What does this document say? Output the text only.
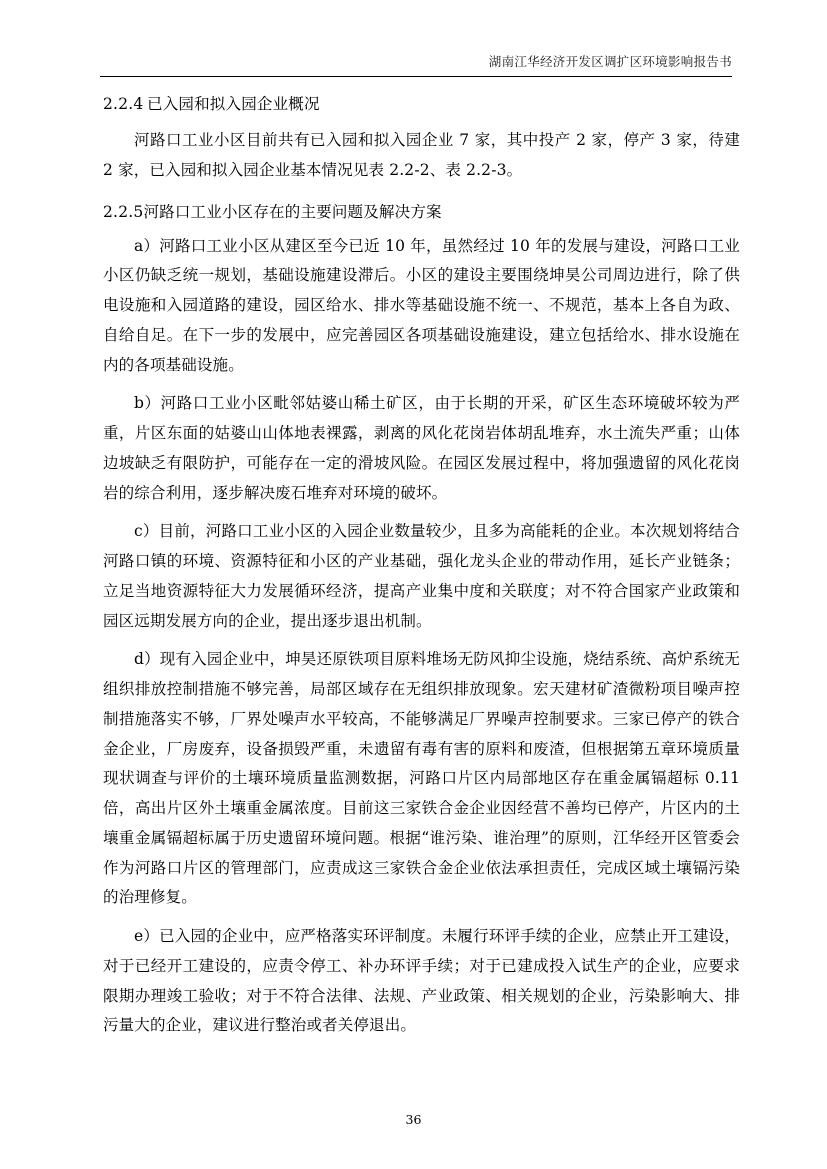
湖南江华经济开发区调扩区环境影响报告书
2.2.4 已入园和拟入园企业概况

河路口工业小区目前共有已入园和拟入园企业 7 家，其中投产 2 家，停产 3 家，待建 2 家，已入园和拟入园企业基本情况见表 2.2-2、表 2.2-3。

2.2.5河路口工业小区存在的主要问题及解决方案

a）河路口工业小区从建区至今已近 10 年，虽然经过 10 年的发展与建设，河路口工业小区仍缺乏统一规划，基础设施建设滞后。小区的建设主要围绕坤昊公司周边进行，除了供电设施和入园道路的建设，园区给水、排水等基础设施不统一、不规范，基本上各自为政、自给自足。在下一步的发展中，应完善园区各项基础设施建设，建立包括给水、排水设施在内的各项基础设施。

b）河路口工业小区毗邻姑婆山稀土矿区，由于长期的开采，矿区生态环境破坏较为严重，片区东面的姑婆山山体地表裸露，剥离的风化花岗岩体胡乱堆弃，水土流失严重；山体边坡缺乏有限防护，可能存在一定的滑坡风险。在园区发展过程中，将加强遗留的风化花岗岩的综合利用，逐步解决废石堆弃对环境的破坏。

c）目前，河路口工业小区的入园企业数量较少，且多为高能耗的企业。本次规划将结合河路口镇的环境、资源特征和小区的产业基础，强化龙头企业的带动作用，延长产业链条；立足当地资源特征大力发展循环经济，提高产业集中度和关联度；对不符合国家产业政策和园区远期发展方向的企业，提出逐步退出机制。

d）现有入园企业中，坤昊还原铁项目原料堆场无防风抑尘设施，烧结系统、高炉系统无组织排放控制措施不够完善，局部区域存在无组织排放现象。宏天建材矿渣微粉项目噪声控制措施落实不够，厂界处噪声水平较高，不能够满足厂界噪声控制要求。三家已停产的铁合金企业，厂房废弃，设备损毁严重，未遗留有毒有害的原料和废渣，但根据第五章环境质量现状调查与评价的土壤环境质量监测数据，河路口片区内局部地区存在重金属镉超标 0.11 倍，高出片区外土壤重金属浓度。目前这三家铁合金企业因经营不善均已停产，片区内的土壤重金属镉超标属于历史遗留环境问题。根据“谁污染、谁治理”的原则，江华经开区管委会作为河路口片区的管理部门，应责成这三家铁合金企业依法承担责任，完成区域土壤镉污染的治理修复。

e）已入园的企业中，应严格落实环评制度。未履行环评手续的企业，应禁止开工建设，对于已经开工建设的，应责令停工、补办环评手续；对于已建成投入试生产的企业，应要求限期办理竣工验收；对于不符合法律、法规、产业政策、相关规划的企业，污染影响大、排污量大的企业，建议进行整治或者关停退出。

36
